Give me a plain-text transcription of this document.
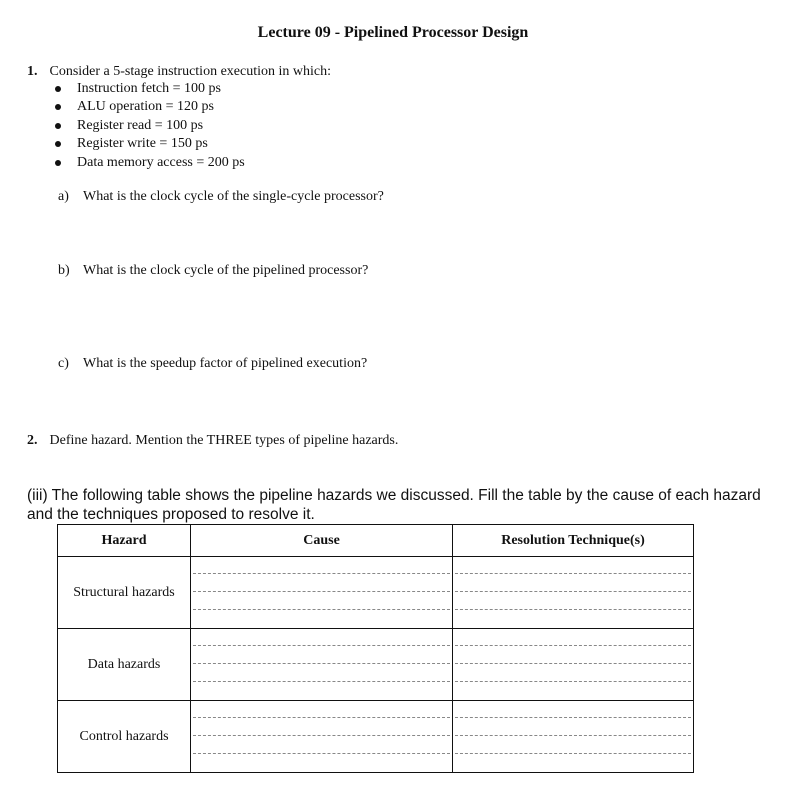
Lecture 09 - Pipelined Processor Design
1. Consider a 5-stage instruction execution in which:
Instruction fetch = 100 ps
ALU operation = 120 ps
Register read = 100 ps
Register write = 150 ps
Data memory access = 200 ps
a) What is the clock cycle of the single-cycle processor?
b) What is the clock cycle of the pipelined processor?
c) What is the speedup factor of pipelined execution?
2. Define hazard. Mention the THREE types of pipeline hazards.
(iii) The following table shows the pipeline hazards we discussed. Fill the table by the cause of each hazard and the techniques proposed to resolve it.
Hazard	Cause	Resolution Technique(s)
Structural hazards	

Data hazards	

Control hazards	
